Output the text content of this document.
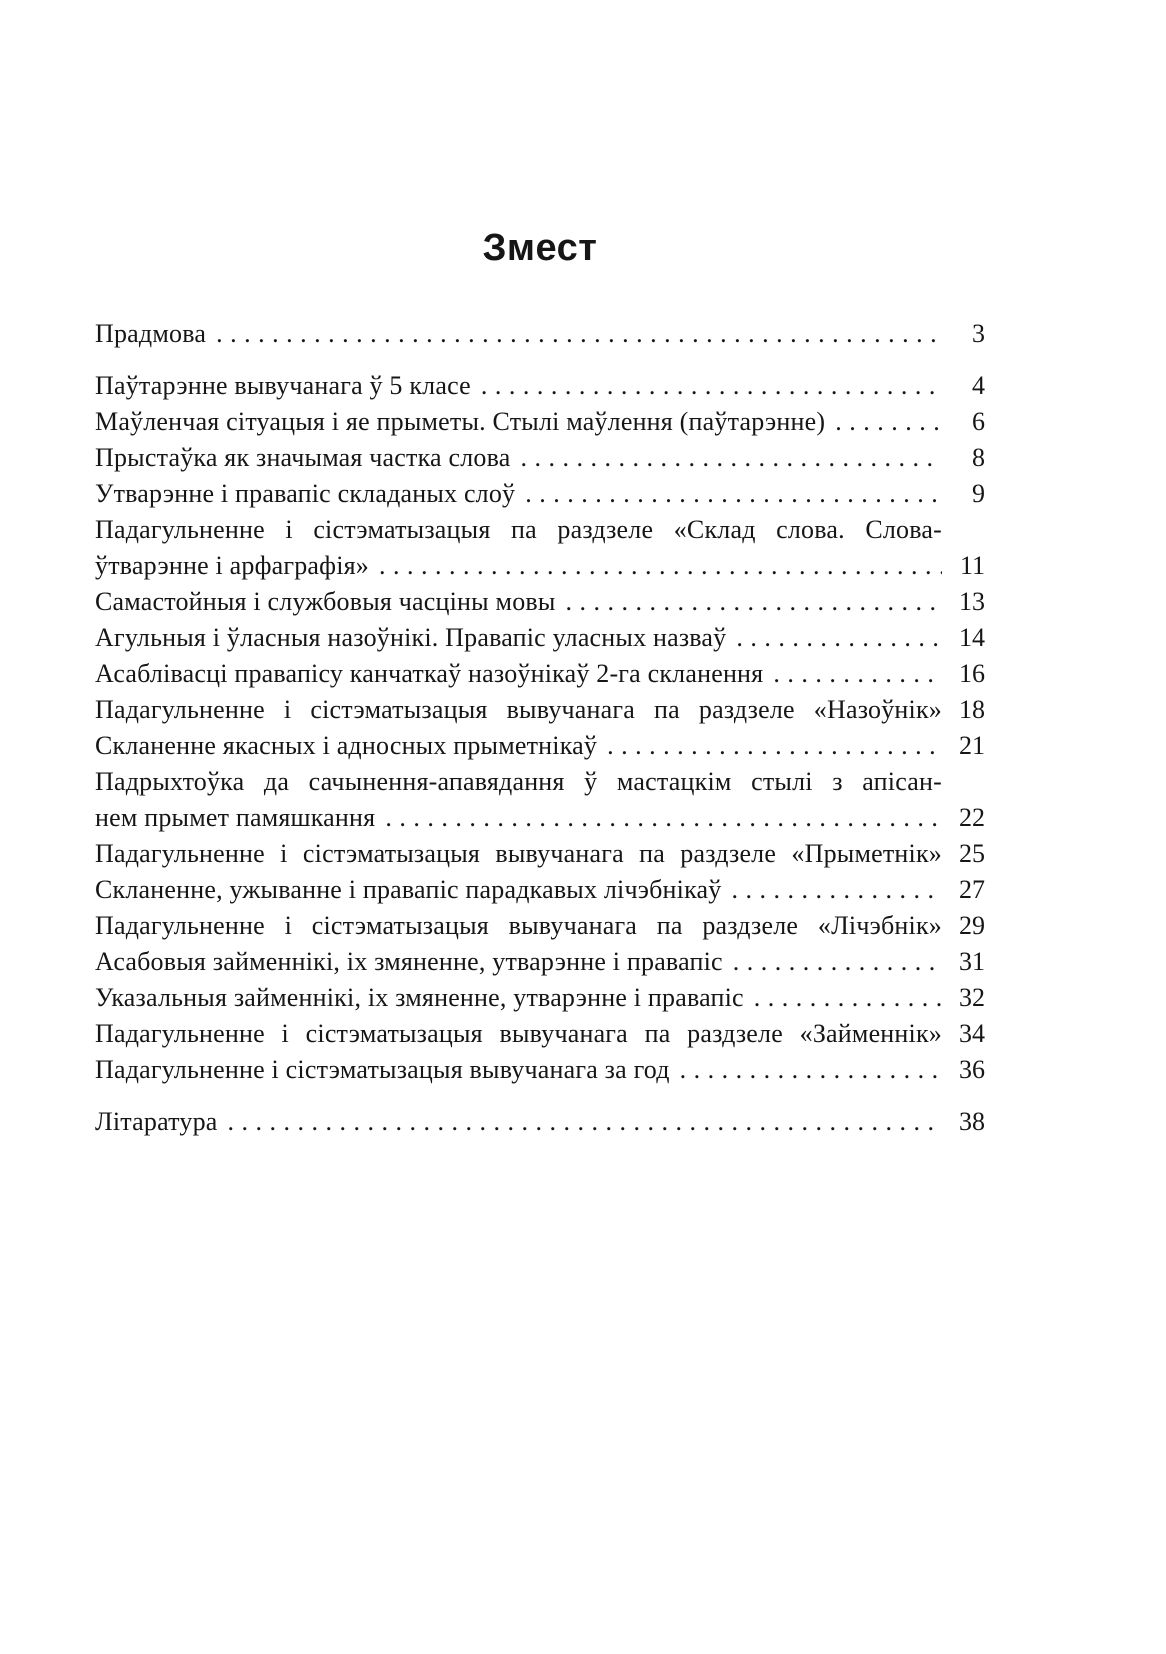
Змест
Прадмова .....	3
Паўтарэнне вывучанага ў 5 класе .....	4
Маўленчая сітуацыя і яе прыметы. Стылі маўлення (паўтарэнне) .....	6
Прыстаўка як значымая частка слова .....	8
Утварэнне і правапіс складаных слоў .....	9
Падагульненне і сістэматызацыя па раздзеле «Склад слова. Слова-
ўтварэнне і арфаграфія» .....	11
Самастойныя і службовыя часціны мовы .....	13
Агульныя і ўласныя назоўнікі. Правапіс уласных назваў .....	14
Асаблівасці правапісу канчаткаў назоўнікаў 2-га скланення .....	16
Падагульненне і сістэматызацыя вывучанага па раздзеле «Назоўнік» 18
Скланенне якасных і адносных прыметнікаў .....	21
Падрыхтоўка да сачынення-апавядання ў мастацкім стылі з апісан-
нем прымет памяшкання .....	22
Падагульненне і сістэматызацыя вывучанага па раздзеле «Прыметнік» 25
Скланенне, ужыванне і правапіс парадкавых лічэбнікаў .....	27
Падагульненне і сістэматызацыя вывучанага па раздзеле «Лічэбнік» 29
Асабовыя займеннікі, іх змяненне, утварэнне і правапіс .....	31
Указальныя займеннікі, іх змяненне, утварэнне і правапіс .....	32
Падагульненне і сістэматызацыя вывучанага па раздзеле «Займеннік» 34
Падагульненне і сістэматызацыя вывучанага за год .....	36
Літаратура .....	38
